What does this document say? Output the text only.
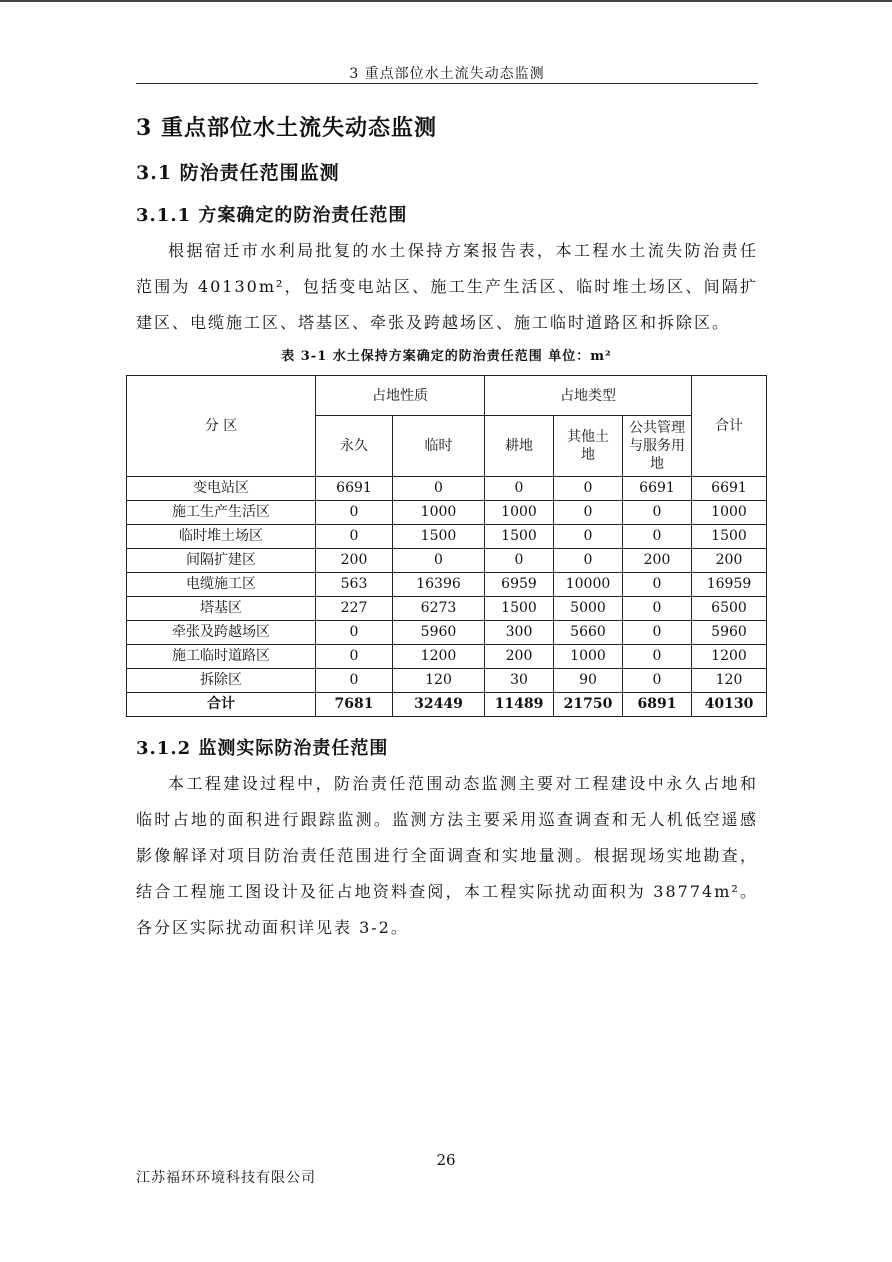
3 重点部位水土流失动态监测
3 重点部位水土流失动态监测
3.1 防治责任范围监测
3.1.1 方案确定的防治责任范围

根据宿迁市水利局批复的水土保持方案报告表，本工程水土流失防治责任范围为 40130m²，包括变电站区、施工生产生活区、临时堆土场区、间隔扩建区、电缆施工区、塔基区、牵张及跨越场区、施工临时道路区和拆除区。

表 3-1 水土保持方案确定的防治责任范围 单位：m²
分 区	占地性质		占地类型			合计
	永久	临时	耕地	其他土地	公共管理与服务用地	
变电站区	6691	0	0	0	6691	6691
施工生产生活区	0	1000	1000	0	0	1000
临时堆土场区	0	1500	1500	0	0	1500
间隔扩建区	200	0	0	0	200	200
电缆施工区	563	16396	6959	10000	0	16959
塔基区	227	6273	1500	5000	0	6500
牵张及跨越场区	0	5960	300	5660	0	5960
施工临时道路区	0	1200	200	1000	0	1200
拆除区	0	120	30	90	0	120
合计	7681	32449	11489	21750	6891	40130
3.1.2 监测实际防治责任范围

本工程建设过程中，防治责任范围动态监测主要对工程建设中永久占地和临时占地的面积进行跟踪监测。监测方法主要采用巡查调查和无人机低空遥感影像解译对项目防治责任范围进行全面调查和实地量测。根据现场实地勘查，结合工程施工图设计及征占地资料查阅，本工程实际扰动面积为 38774m²。各分区实际扰动面积详见表 3-2。

26
江苏福环环境科技有限公司
